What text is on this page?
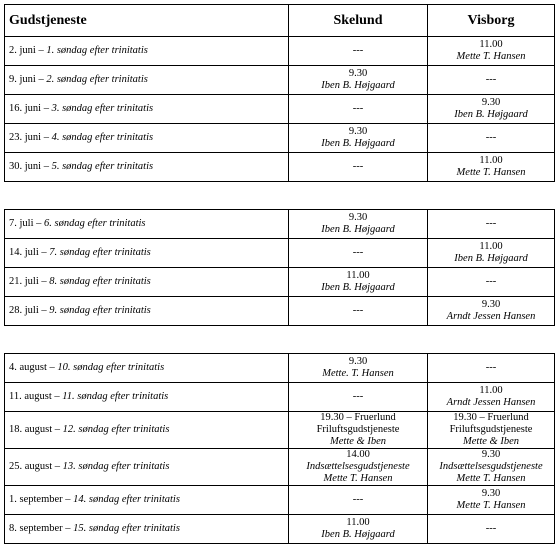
Gudstjeneste	Skelund	Visborg
2. juni – 1. søndag efter trinitatis	---	11.00
Mette T. Hansen

9. juni – 2. søndag efter trinitatis	9.30
Iben B. Højgaard	---

16. juni – 3. søndag efter trinitatis	---	9.30
Iben B. Højgaard

23. juni – 4. søndag efter trinitatis	9.30
Iben B. Højgaard	---

30. juni – 5. søndag efter trinitatis	---	11.00
Mette T. Hansen

7. juli – 6. søndag efter trinitatis	9.30
Iben B. Højgaard	---

14. juli – 7. søndag efter trinitatis	---	11.00
Iben B. Højgaard

21. juli – 8. søndag efter trinitatis	11.00
Iben B. Højgaard	---

28. juli – 9. søndag efter trinitatis	---	9.30
Arndt Jessen Hansen

4. august – 10. søndag efter trinitatis	9.30
Mette. T. Hansen	---

11. august – 11. søndag efter trinitatis	---	11.00
Arndt Jessen Hansen

18. august – 12. søndag efter trinitatis	19.30 – Fruerlund
Friluftsgudstjeneste
Mette & Iben	19.30 – Fruerlund
Friluftsgudstjeneste
Mette & Iben

25. august – 13. søndag efter trinitatis	14.00
Indsættelsesgudstjeneste
Mette T. Hansen	9.30
Indsættelsesgudstjeneste
Mette T. Hansen

1. september – 14. søndag efter trinitatis	---	9.30
Mette T. Hansen

8. september – 15. søndag efter trinitatis	11.00
Iben B. Højgaard	---
